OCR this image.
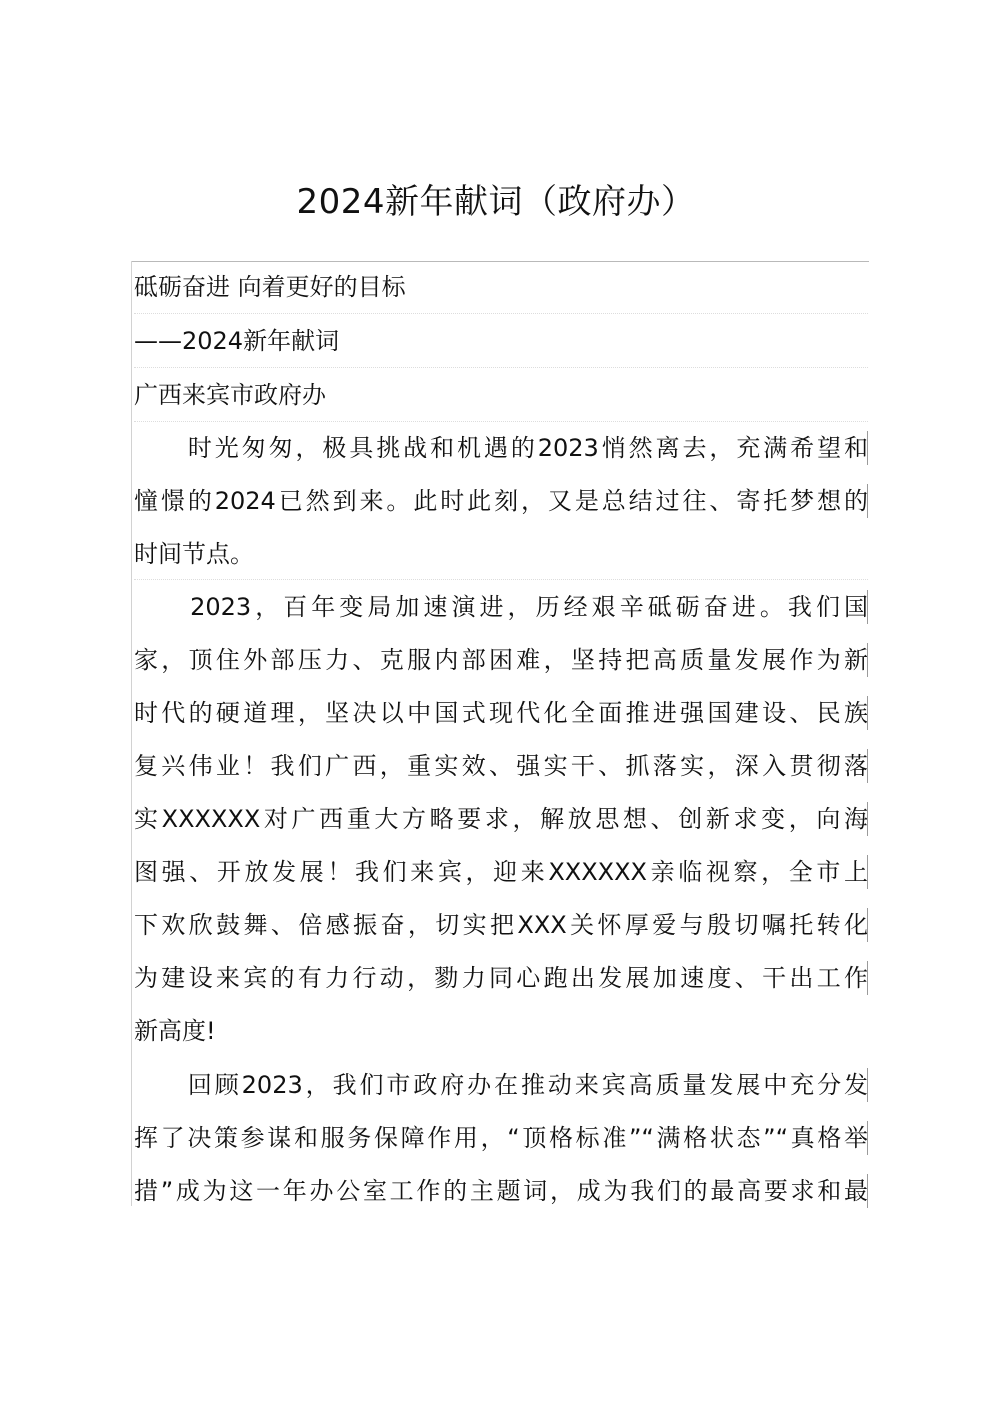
2024新年献词（政府办）
砥砺奋进 向着更好的目标
——2024新年献词
广西来宾市政府办
　　时光匆匆，极具挑战和机遇的2023悄然离去，充满希望和
憧憬的2024已然到来。此时此刻，又是总结过往、寄托梦想的
时间节点。
　　2023，百年变局加速演进，历经艰辛砥砺奋进。我们国
家，顶住外部压力、克服内部困难，坚持把高质量发展作为新
时代的硬道理，坚决以中国式现代化全面推进强国建设、民族
复兴伟业！我们广西，重实效、强实干、抓落实，深入贯彻落
实XXXXXX对广西重大方略要求，解放思想、创新求变，向海
图强、开放发展！我们来宾，迎来XXXXXX亲临视察，全市上
下欢欣鼓舞、倍感振奋，切实把XXX关怀厚爱与殷切嘱托转化
为建设来宾的有力行动，勠力同心跑出发展加速度、干出工作
新高度!
　　回顾2023，我们市政府办在推动来宾高质量发展中充分发
挥了决策参谋和服务保障作用，“顶格标准”“满格状态”“真格举
措”成为这一年办公室工作的主题词，成为我们的最高要求和最
